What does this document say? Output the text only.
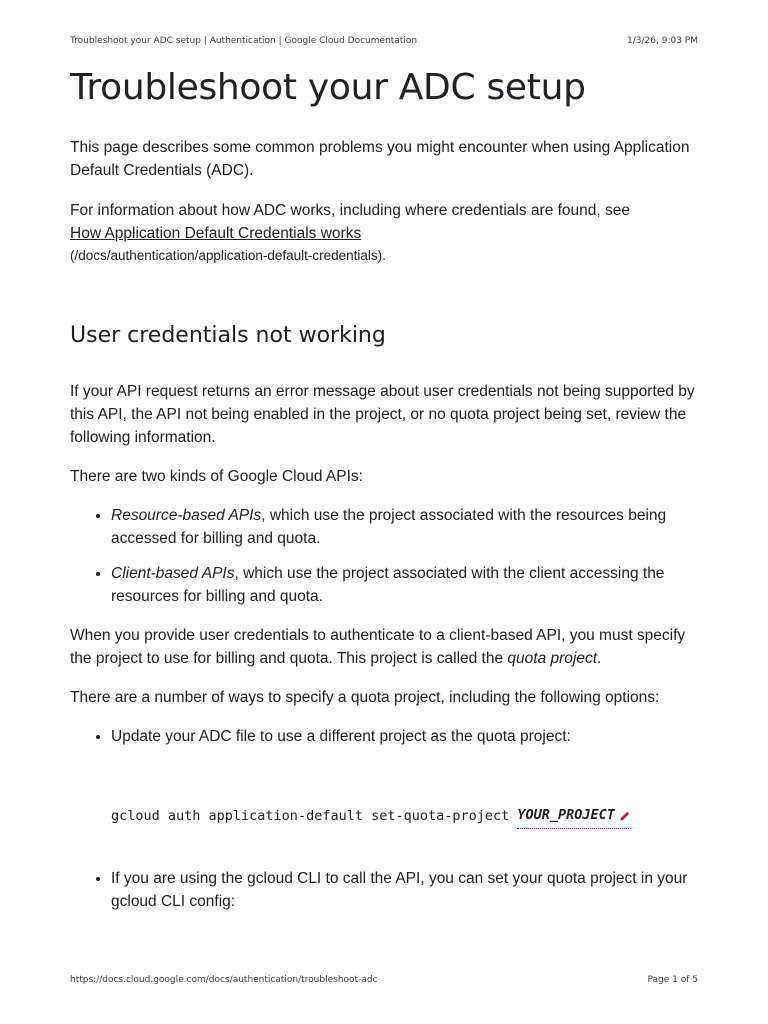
Troubleshoot your ADC setup | Authentication | Google Cloud Documentation	1/3/26, 9:03 PM
Troubleshoot your ADC setup

This page describes some common problems you might encounter when using Application Default Credentials (ADC).

For information about how ADC works, including where credentials are found, see
How Application Default Credentials works

(/docs/authentication/application-default-credentials).

User credentials not working

If your API request returns an error message about user credentials not being supported by this API, the API not being enabled in the project, or no quota project being set, review the following information.

There are two kinds of Google Cloud APIs:

• Resource-based APIs, which use the project associated with the resources being accessed for billing and quota.
• Client-based APIs, which use the project associated with the client accessing the resources for billing and quota.

When you provide user credentials to authenticate to a client-based API, you must specify the project to use for billing and quota. This project is called the quota project.

There are a number of ways to specify a quota project, including the following options:

• Update your ADC file to use a different project as the quota project:
gcloud auth application-default set-quota-project YOUR_PROJECT
• If you are using the gcloud CLI to call the API, you can set your quota project in your gcloud CLI config:
https://docs.cloud.google.com/docs/authentication/troubleshoot-adc	Page 1 of 5
